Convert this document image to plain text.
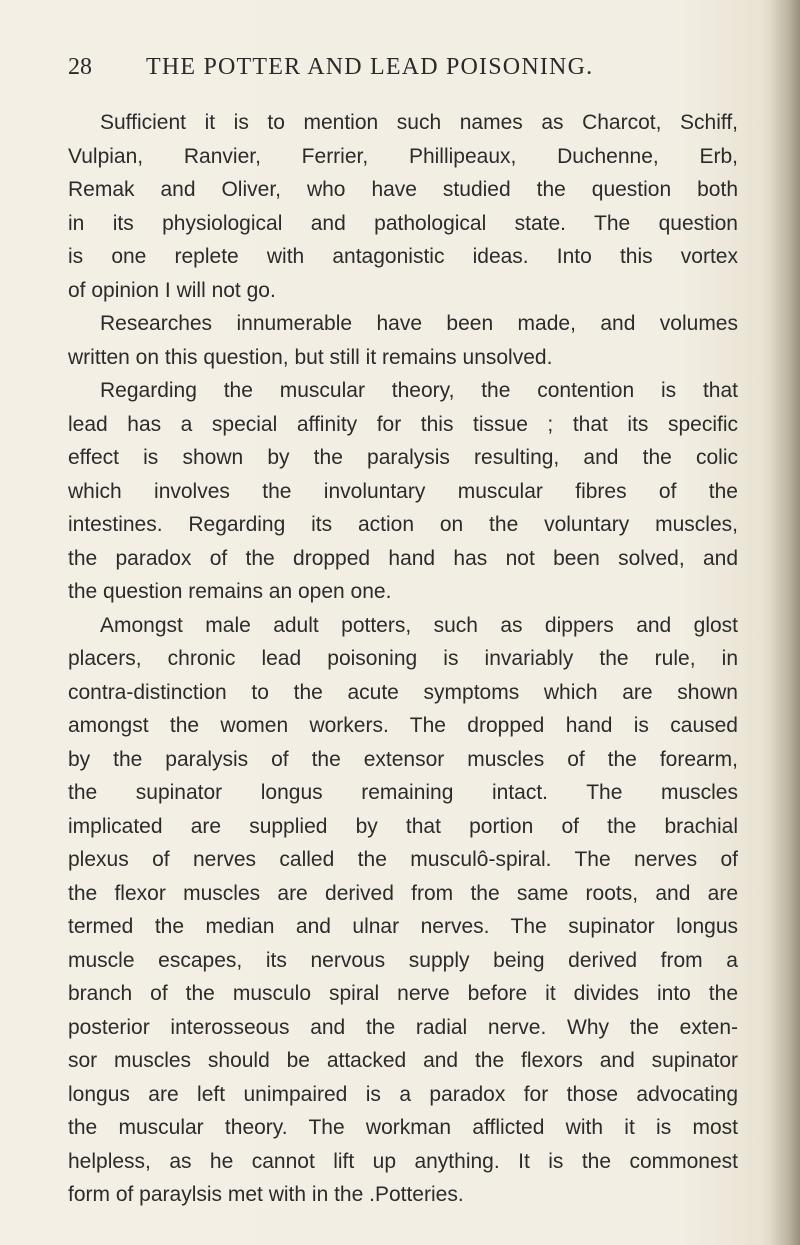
28 THE POTTER AND LEAD POISONING.
Sufficient it is to mention such names as Charcot, Schiff,
Vulpian, Ranvier, Ferrier, Phillipeaux, Duchenne, Erb,
Remak and Oliver, who have studied the question both
in its physiological and pathological state. The question
is one replete with antagonistic ideas. Into this vortex
of opinion I will not go.
Researches innumerable have been made, and volumes
written on this question, but still it remains unsolved.
Regarding the muscular theory, the contention is that
lead has a special affinity for this tissue ; that its specific
effect is shown by the paralysis resulting, and the colic
which involves the involuntary muscular fibres of the
intestines. Regarding its action on the voluntary muscles,
the paradox of the dropped hand has not been solved, and
the question remains an open one.
Amongst male adult potters, such as dippers and glost
placers, chronic lead poisoning is invariably the rule, in
contra-distinction to the acute symptoms which are shown
amongst the women workers. The dropped hand is caused
by the paralysis of the extensor muscles of the forearm,
the supinator longus remaining intact. The muscles
implicated are supplied by that portion of the brachial
plexus of nerves called the musculô-spiral. The nerves of
the flexor muscles are derived from the same roots, and are
termed the median and ulnar nerves. The supinator longus
muscle escapes, its nervous supply being derived from a
branch of the musculo spiral nerve before it divides into the
posterior interosseous and the radial nerve. Why the exten-
sor muscles should be attacked and the flexors and supinator
longus are left unimpaired is a paradox for those advocating
the muscular theory. The workman afflicted with it is most
helpless, as he cannot lift up anything. It is the commonest
form of paraylsis met with in the .Potteries.
